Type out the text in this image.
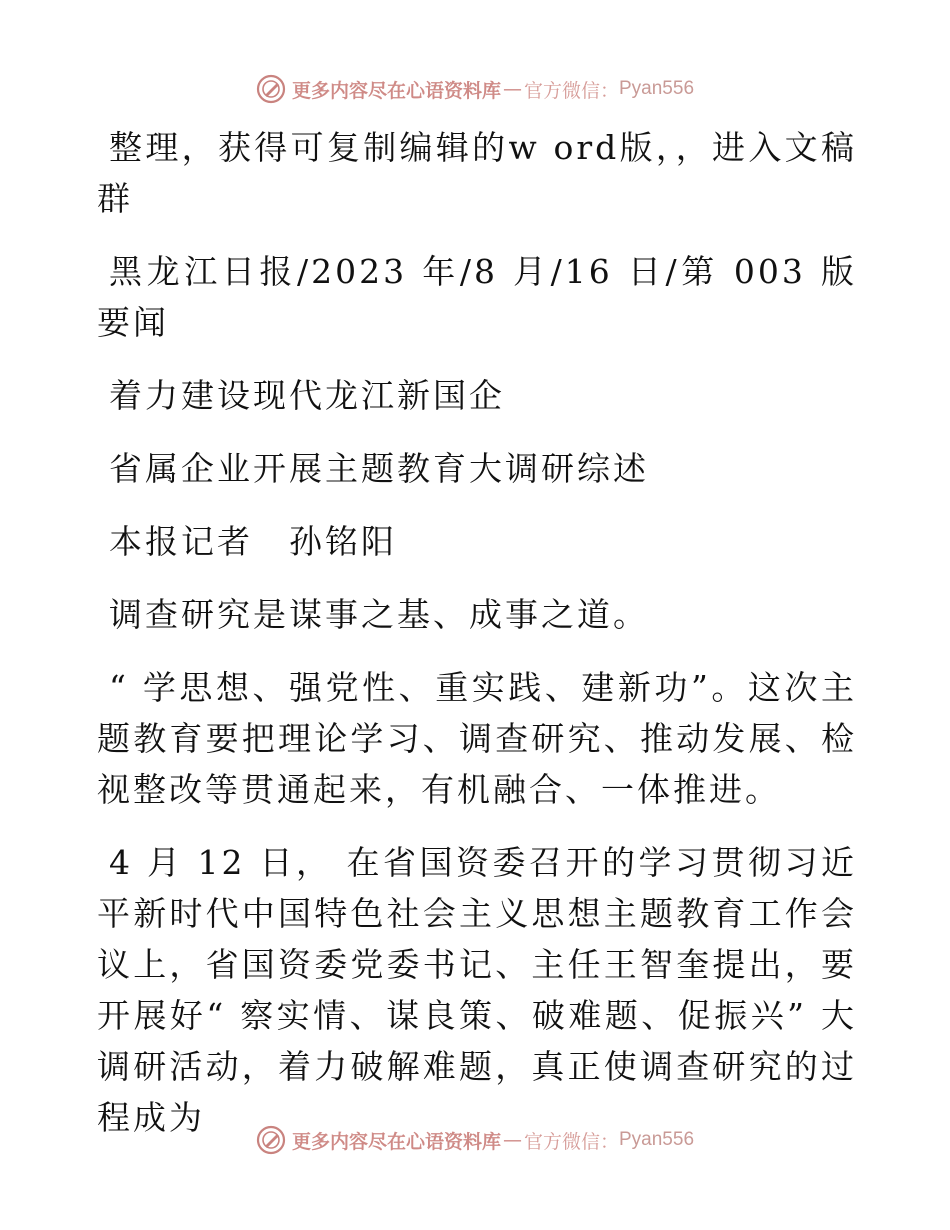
更多内容尽在心语资料库 — 官方微信： Pyan556

整理，获得可复制编辑的w ord版，，进入文稿群

黑龙江日报/2023 年/8 月/16 日/第 003 版要闻

着力建设现代龙江新国企

省属企业开展主题教育大调研综述

本报记者　孙铭阳

调查研究是谋事之基、成事之道。

“ 学思想、强党性、重实践、建新功”。这次主题教育要把理论学习、调查研究、推动发展、检视整改等贯通起来，有机融合、一体推进。

4 月 12 日， 在省国资委召开的学习贯彻习近平新时代中国特色社会主义思想主题教育工作会议上，省国资委党委书记、主任王智奎提出，要开展好“ 察实情、谋良策、破难题、促振兴” 大调研活动，着力破解难题，真正使调查研究的过程成为

更多内容尽在心语资料库 — 官方微信： Pyan556
